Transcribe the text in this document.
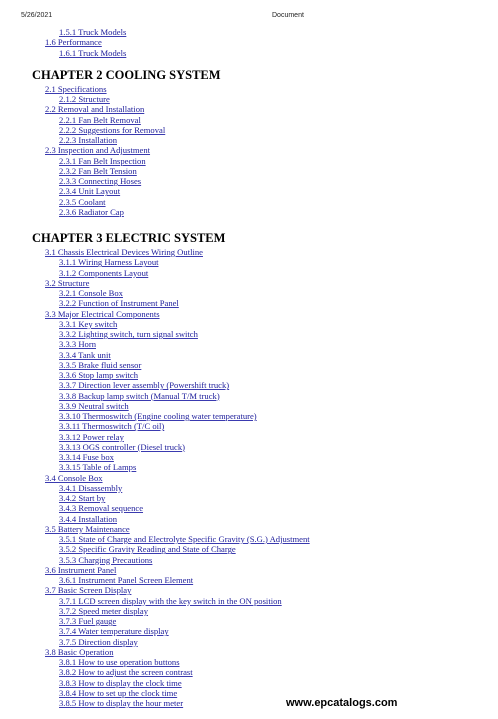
5/26/2021	Document
1.5.1 Truck Models
1.6 Performance
1.6.1 Truck Models
CHAPTER 2 COOLING SYSTEM
2.1 Specifications
2.1.2 Structure
2.2 Removal and Installation
2.2.1 Fan Belt Removal
2.2.2 Suggestions for Removal
2.2.3 Installation
2.3 Inspection and Adjustment
2.3.1 Fan Belt Inspection
2.3.2 Fan Belt Tension
2.3.3 Connecting Hoses
2.3.4 Unit Layout
2.3.5 Coolant
2.3.6 Radiator Cap
CHAPTER 3 ELECTRIC SYSTEM
3.1 Chassis Electrical Devices Wiring Outline
3.1.1 Wiring Harness Layout
3.1.2 Components Layout
3.2 Structure
3.2.1 Console Box
3.2.2 Function of Instrument Panel
3.3 Major Electrical Components
3.3.1 Key switch
3.3.2 Lighting switch, turn signal switch
3.3.3 Horn
3.3.4 Tank unit
3.3.5 Brake fluid sensor
3.3.6 Stop lamp switch
3.3.7 Direction lever assembly (Powershift truck)
3.3.8 Backup lamp switch (Manual T/M truck)
3.3.9 Neutral switch
3.3.10 Thermoswitch (Engine cooling water temperature)
3.3.11 Thermoswitch (T/C oil)
3.3.12 Power relay
3.3.13 OGS controller (Diesel truck)
3.3.14 Fuse box
3.3.15 Table of Lamps
3.4 Console Box
3.4.1 Disassembly
3.4.2 Start by
3.4.3 Removal sequence
3.4.4 Installation
3.5 Battery Maintenance
3.5.1 State of Charge and Electrolyte Specific Gravity (S.G.) Adjustment
3.5.2 Specific Gravity Reading and State of Charge
3.5.3 Charging Precautions
3.6 Instrument Panel
3.6.1 Instrument Panel Screen Element
3.7 Basic Screen Display
3.7.1 LCD screen display with the key switch in the ON position
3.7.2 Speed meter display
3.7.3 Fuel gauge
3.7.4 Water temperature display
3.7.5 Direction display
3.8 Basic Operation
3.8.1 How to use operation buttons
3.8.2 How to adjust the screen contrast
3.8.3 How to display the clock time
3.8.4 How to set up the clock time
3.8.5 How to display the hour meter	www.epcatalogs.com
